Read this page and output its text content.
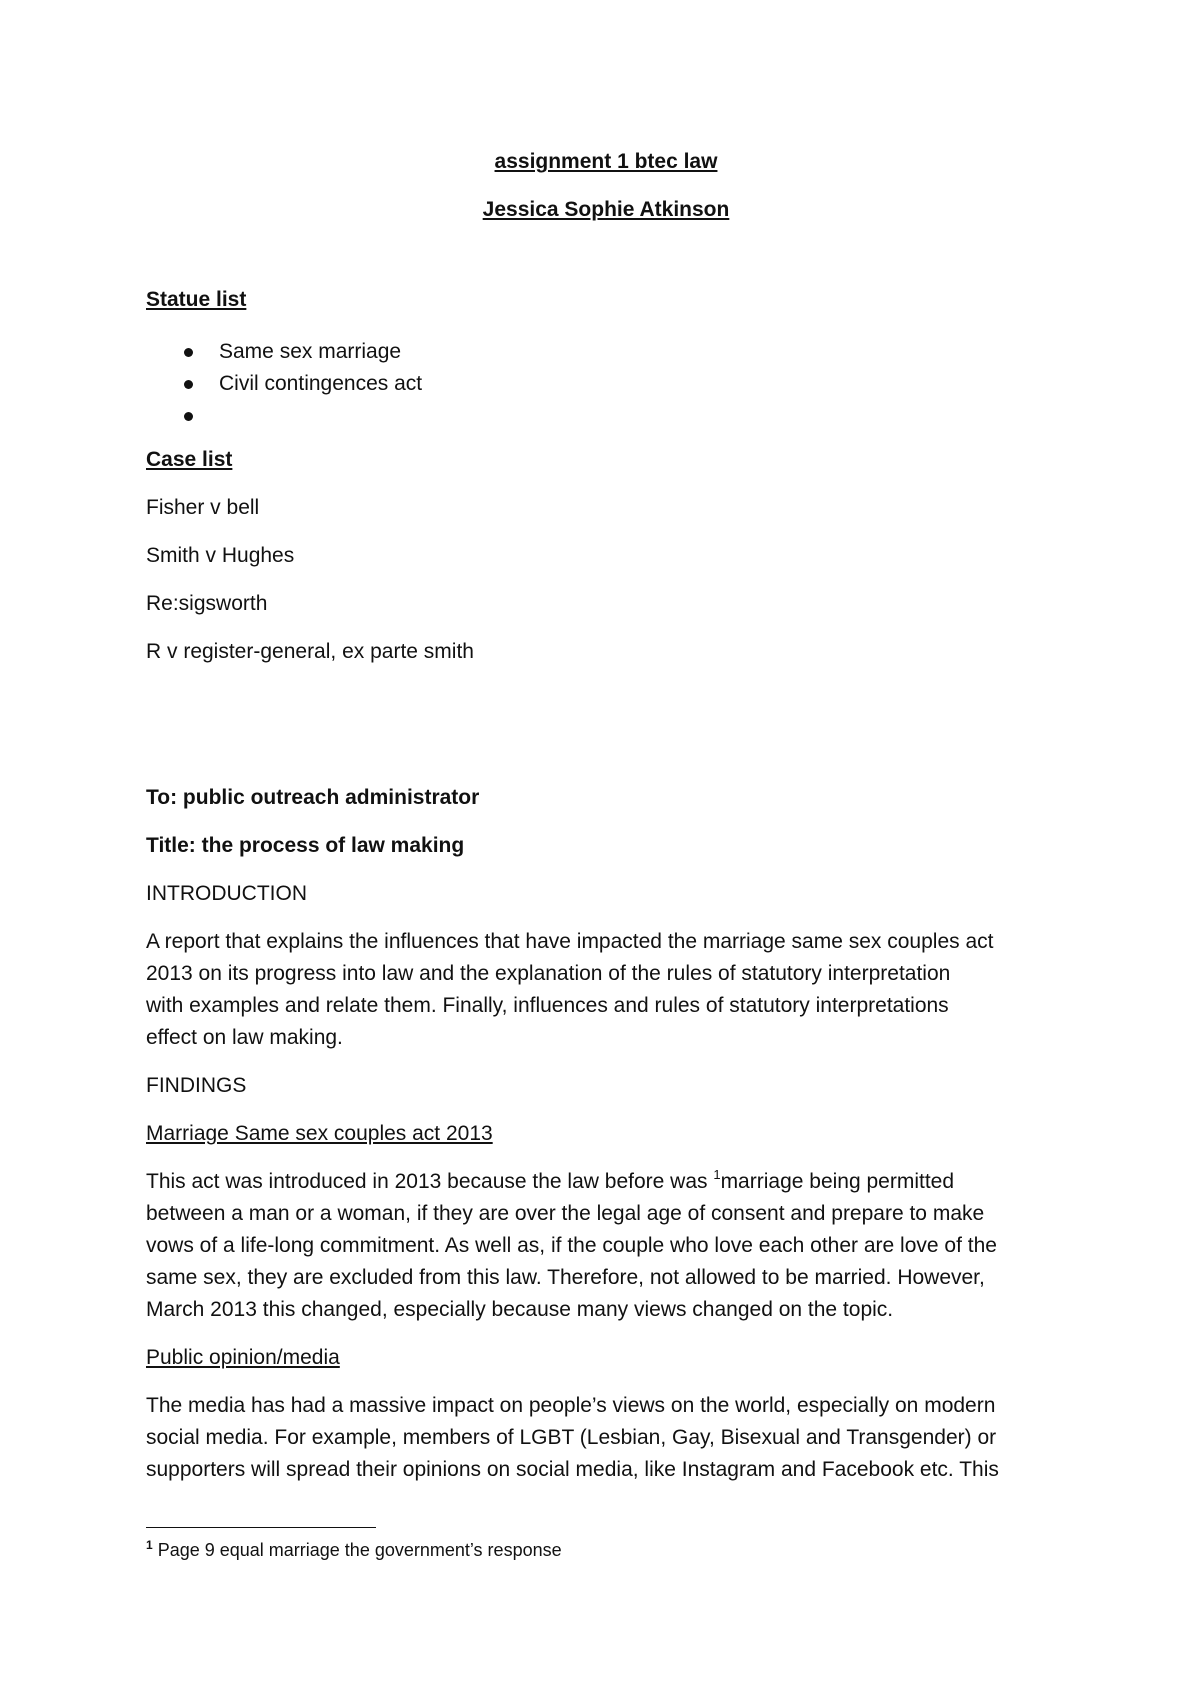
assignment 1 btec law
Jessica Sophie Atkinson
Statue list
Same sex marriage
Civil contingences act
Case list
Fisher v bell
Smith v Hughes
Re:sigsworth
R v register-general, ex parte smith
To: public outreach administrator
Title: the process of law making
INTRODUCTION
A report that explains the influences that have impacted the marriage same sex couples act
2013 on its progress into law and the explanation of the rules of statutory interpretation
with examples and relate them. Finally, influences and rules of statutory interpretations
effect on law making.
FINDINGS
Marriage Same sex couples act 2013
This act was introduced in 2013 because the law before was $^1$marriage being permitted
between a man or a woman, if they are over the legal age of consent and prepare to make
vows of a life-long commitment. As well as, if the couple who love each other are love of the
same sex, they are excluded from this law. Therefore, not allowed to be married. However,
March 2013 this changed, especially because many views changed on the topic.
Public opinion/media
The media has had a massive impact on people’s views on the world, especially on modern
social media. For example, members of LGBT (Lesbian, Gay, Bisexual and Transgender) or
supporters will spread their opinions on social media, like Instagram and Facebook etc. This
$^1$ Page 9 equal marriage the government’s response
